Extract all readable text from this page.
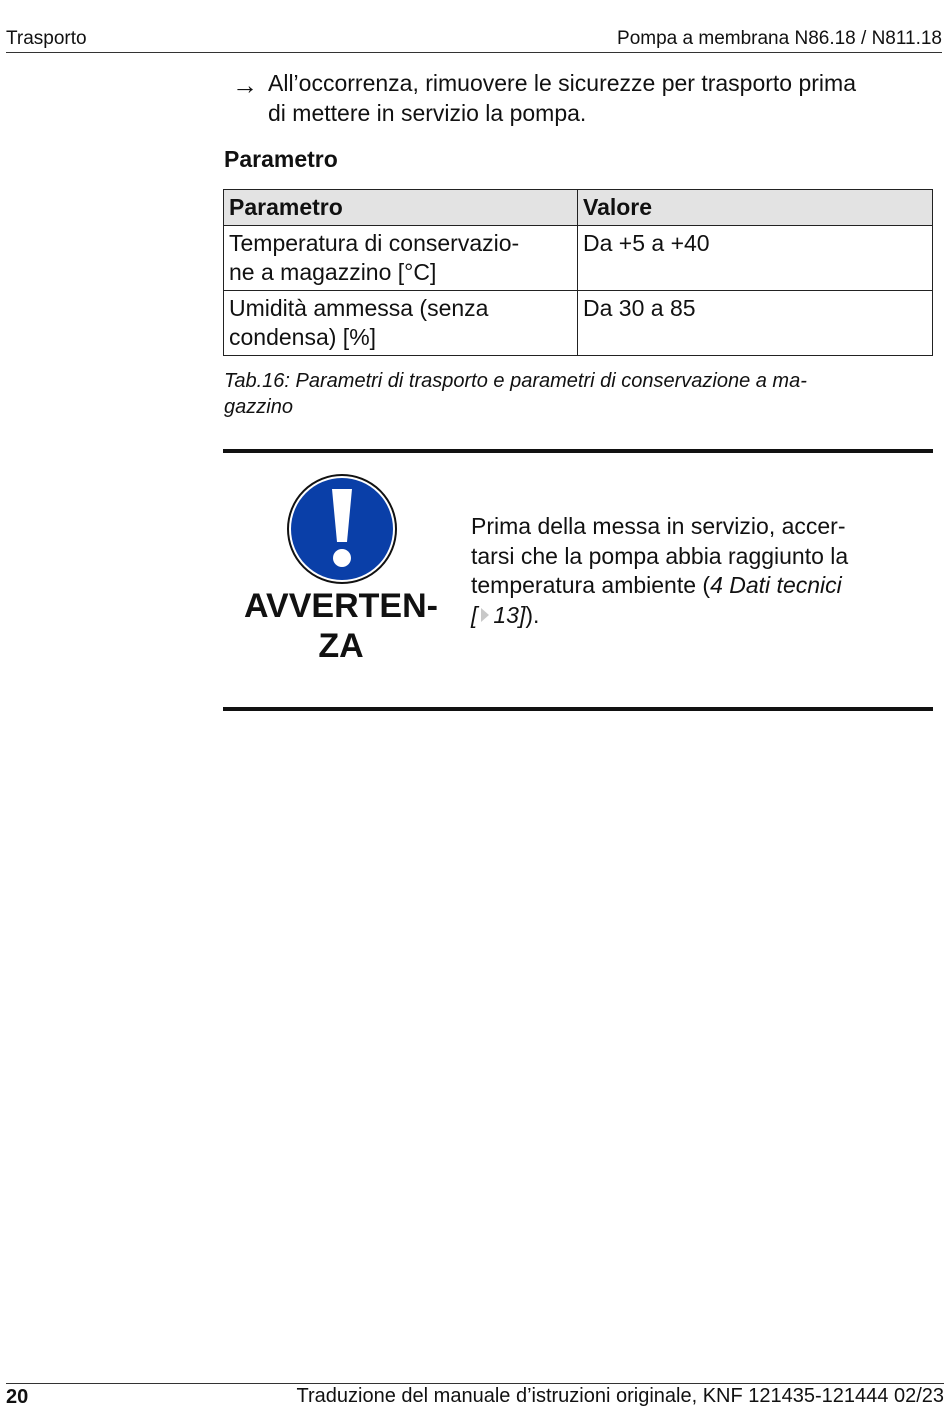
Trasporto	Pompa a membrana N86.18 / N811.18
→ All’occorrenza, rimuovere le sicurezze per trasporto prima
di mettere in servizio la pompa.
Parametro
Parametro	Valore

Temperatura di conservazio-
ne a magazzino [°C]	Da +5 a +40

Umidità ammessa (senza
condensa) [%]	Da 30 a 85
Tab.16: Parametri di trasporto e parametri di conservazione a ma-
gazzino
AVVERTEN-
ZA
Prima della messa in servizio, accer-
tarsi che la pompa abbia raggiunto la
temperatura ambiente (4 Dati tecnici
[ 13]).
20	Traduzione del manuale d’istruzioni originale, KNF 121435-121444 02/23
